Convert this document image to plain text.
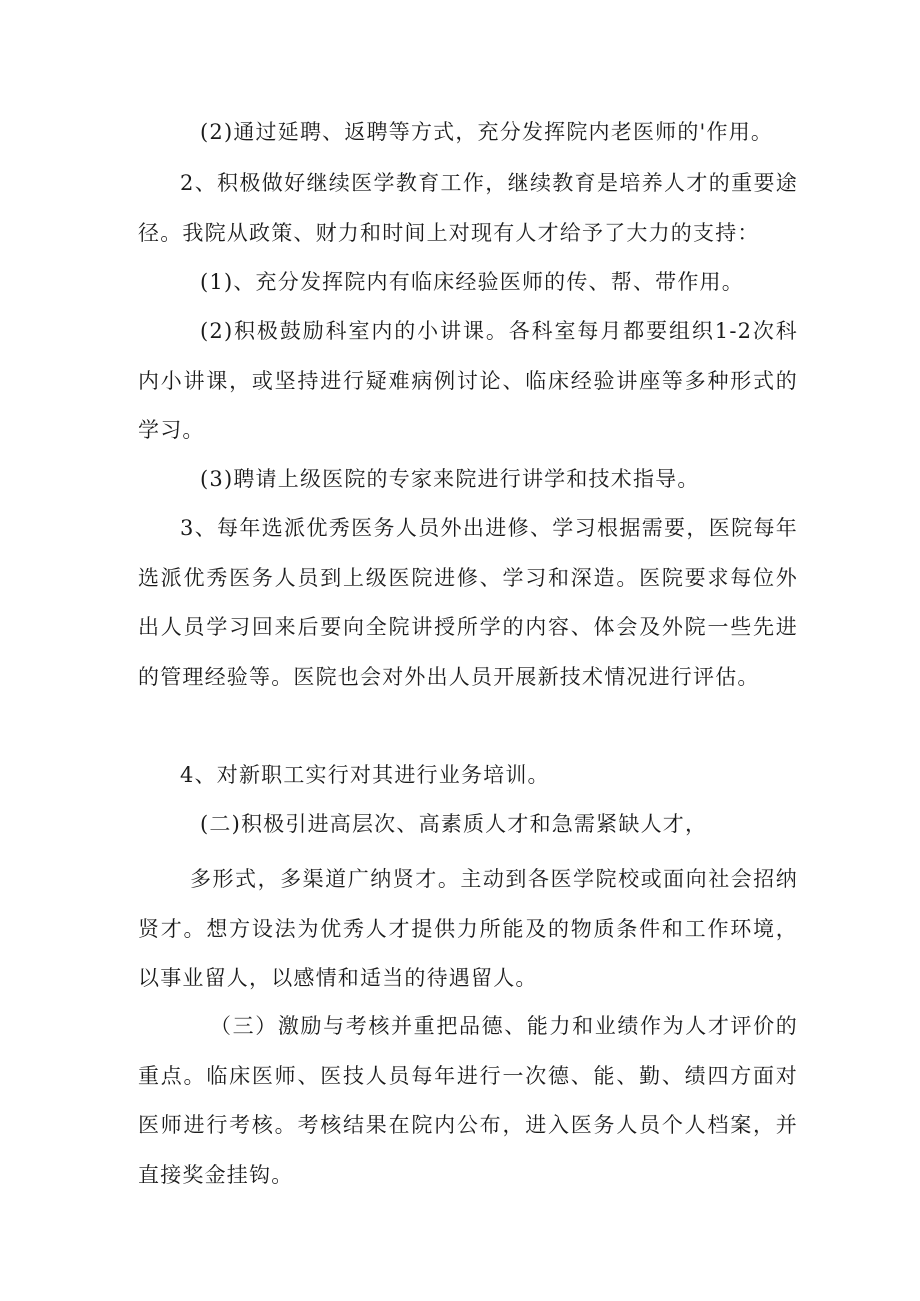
(2)通过延聘、返聘等方式，充分发挥院内老医师的'作用。

2、积极做好继续医学教育工作，继续教育是培养人才的重要途径。我院从政策、财力和时间上对现有人才给予了大力的支持：

(1)、充分发挥院内有临床经验医师的传、帮、带作用。

(2)积极鼓励科室内的小讲课。各科室每月都要组织1-2次科内小讲课，或坚持进行疑难病例讨论、临床经验讲座等多种形式的学习。

(3)聘请上级医院的专家来院进行讲学和技术指导。

3、每年选派优秀医务人员外出进修、学习根据需要，医院每年选派优秀医务人员到上级医院进修、学习和深造。医院要求每位外出人员学习回来后要向全院讲授所学的内容、体会及外院一些先进的管理经验等。医院也会对外出人员开展新技术情况进行评估。

4、对新职工实行对其进行业务培训。

(二)积极引进高层次、高素质人才和急需紧缺人才，

多形式，多渠道广纳贤才。主动到各医学院校或面向社会招纳贤才。想方设法为优秀人才提供力所能及的物质条件和工作环境，以事业留人，以感情和适当的待遇留人。

（三）激励与考核并重把品德、能力和业绩作为人才评价的重点。临床医师、医技人员每年进行一次德、能、勤、绩四方面对医师进行考核。考核结果在院内公布，进入医务人员个人档案，并直接奖金挂钩。
